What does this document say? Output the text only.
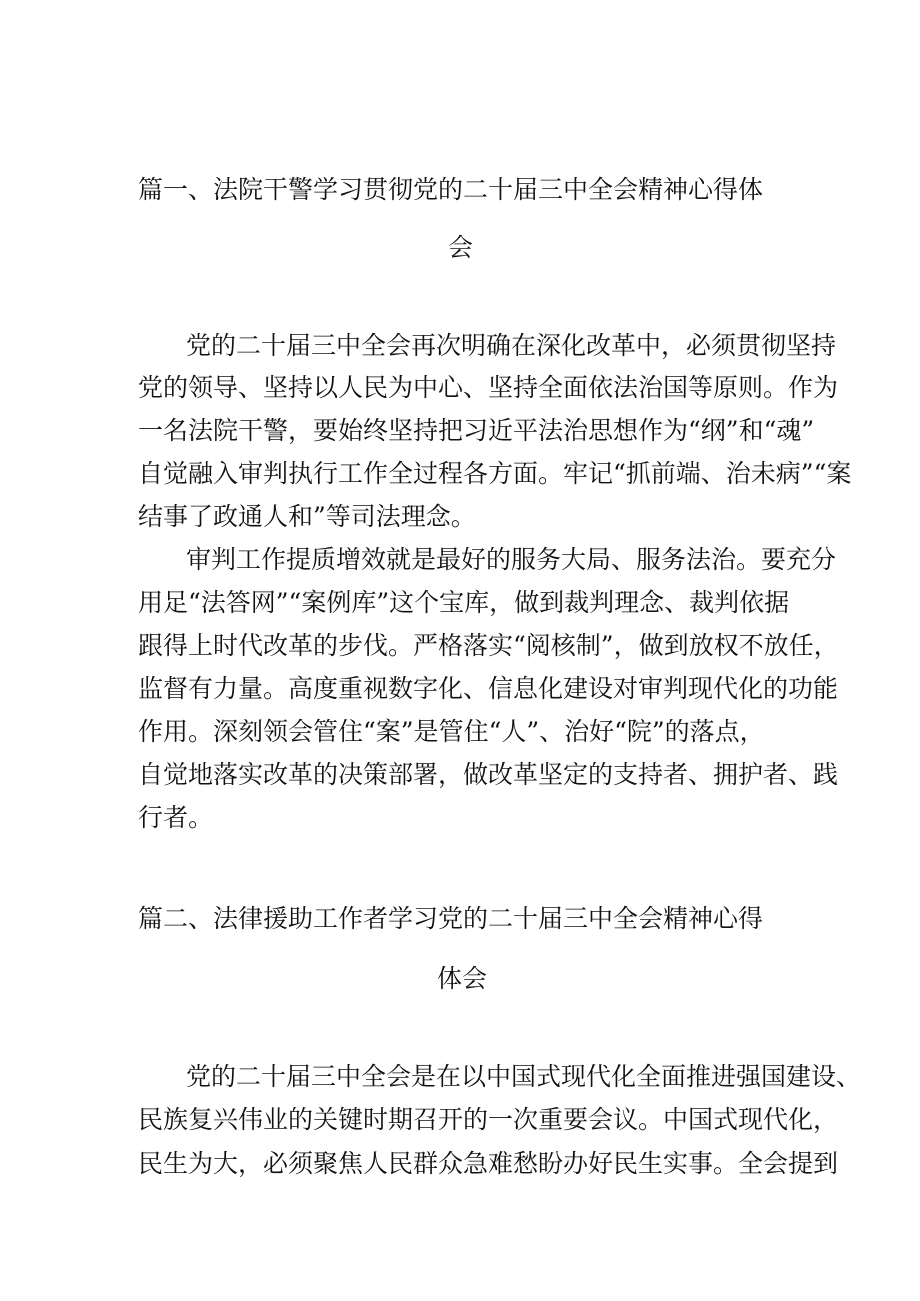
篇一、法院干警学习贯彻党的二十届三中全会精神心得体
会
党的二十届三中全会再次明确在深化改革中，必须贯彻坚持
党的领导、坚持以人民为中心、坚持全面依法治国等原则。作为
一名法院干警，要始终坚持把习近平法治思想作为“纲”和“魂”
自觉融入审判执行工作全过程各方面。牢记“抓前端、治未病”“案
结事了政通人和”等司法理念。
审判工作提质增效就是最好的服务大局、服务法治。要充分
用足“法答网”“案例库”这个宝库，做到裁判理念、裁判依据
跟得上时代改革的步伐。严格落实“阅核制”，做到放权不放任，
监督有力量。高度重视数字化、信息化建设对审判现代化的功能
作用。深刻领会管住“案”是管住“人”、治好“院”的落点，
自觉地落实改革的决策部署，做改革坚定的支持者、拥护者、践
行者。
篇二、法律援助工作者学习党的二十届三中全会精神心得
体会
党的二十届三中全会是在以中国式现代化全面推进强国建设、
民族复兴伟业的关键时期召开的一次重要会议。中国式现代化，
民生为大，必须聚焦人民群众急难愁盼办好民生实事。全会提到
